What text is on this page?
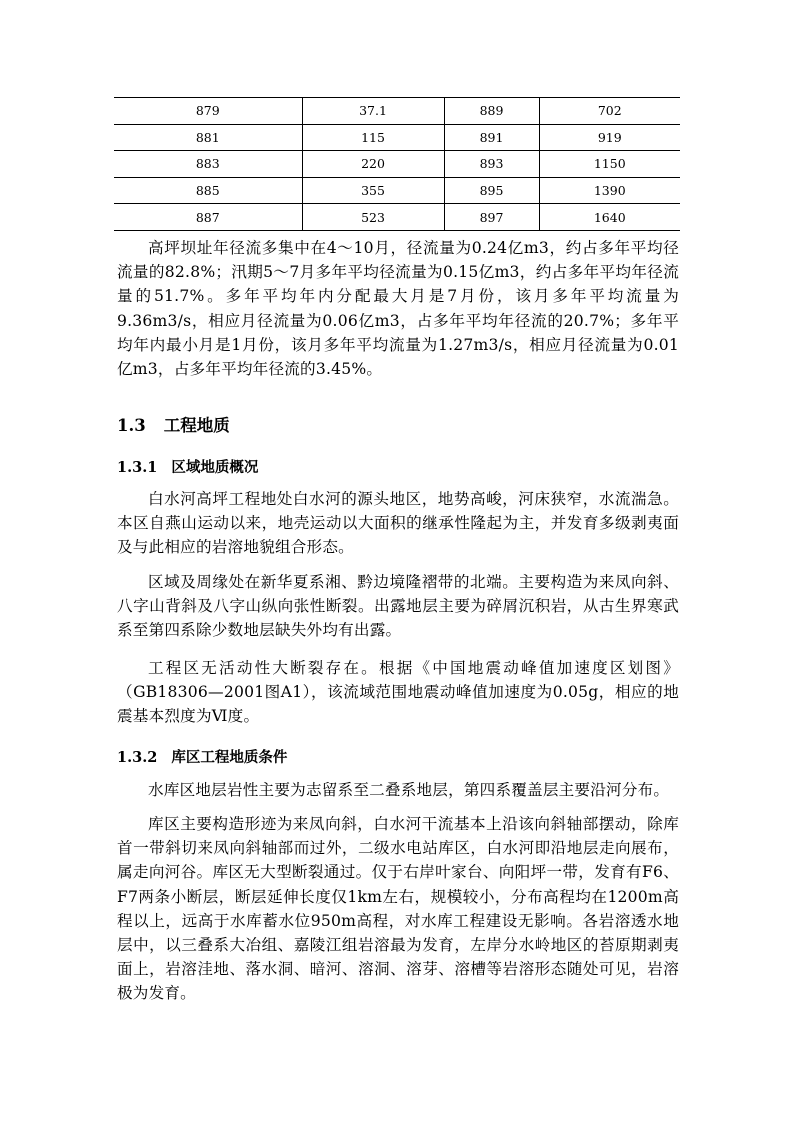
879	37.1	889	702
881	115	891	919
883	220	893	1150
885	355	895	1390
887	523	897	1640

高坪坝址年径流多集中在4～10月，径流量为0.24亿m3，约占多年平均径流量的82.8%；汛期5～7月多年平均径流量为0.15亿m3，约占多年平均年径流量的51.7%。多年平均年内分配最大月是7月份，该月多年平均流量为9.36m3/s，相应月径流量为0.06亿m3，占多年平均年径流的20.7%；多年平均年内最小月是1月份，该月多年平均流量为1.27m3/s，相应月径流量为0.01亿m3，占多年平均年径流的3.45%。

1.3 工程地质
1.3.1 区域地质概况

白水河高坪工程地处白水河的源头地区，地势高峻，河床狭窄，水流湍急。本区自燕山运动以来，地壳运动以大面积的继承性隆起为主，并发育多级剥夷面及与此相应的岩溶地貌组合形态。

区域及周缘处在新华夏系湘、黔边境隆褶带的北端。主要构造为来凤向斜、八字山背斜及八字山纵向张性断裂。出露地层主要为碎屑沉积岩，从古生界寒武系至第四系除少数地层缺失外均有出露。

工程区无活动性大断裂存在。根据《中国地震动峰值加速度区划图》（GB18306—2001图A1），该流域范围地震动峰值加速度为0.05g，相应的地震基本烈度为Ⅵ度。

1.3.2 库区工程地质条件

水库区地层岩性主要为志留系至二叠系地层，第四系覆盖层主要沿河分布。

库区主要构造形迹为来凤向斜，白水河干流基本上沿该向斜轴部摆动，除库首一带斜切来凤向斜轴部而过外，二级水电站库区，白水河即沿地层走向展布，属走向河谷。库区无大型断裂通过。仅于右岸叶家台、向阳坪一带，发育有F6、F7两条小断层，断层延伸长度仅1km左右，规模较小，分布高程均在1200m高程以上，远高于水库蓄水位950m高程，对水库工程建设无影响。各岩溶透水地层中，以三叠系大冶组、嘉陵江组岩溶最为发育，左岸分水岭地区的苔原期剥夷面上，岩溶洼地、落水洞、暗河、溶洞、溶芽、溶槽等岩溶形态随处可见，岩溶极为发育。
